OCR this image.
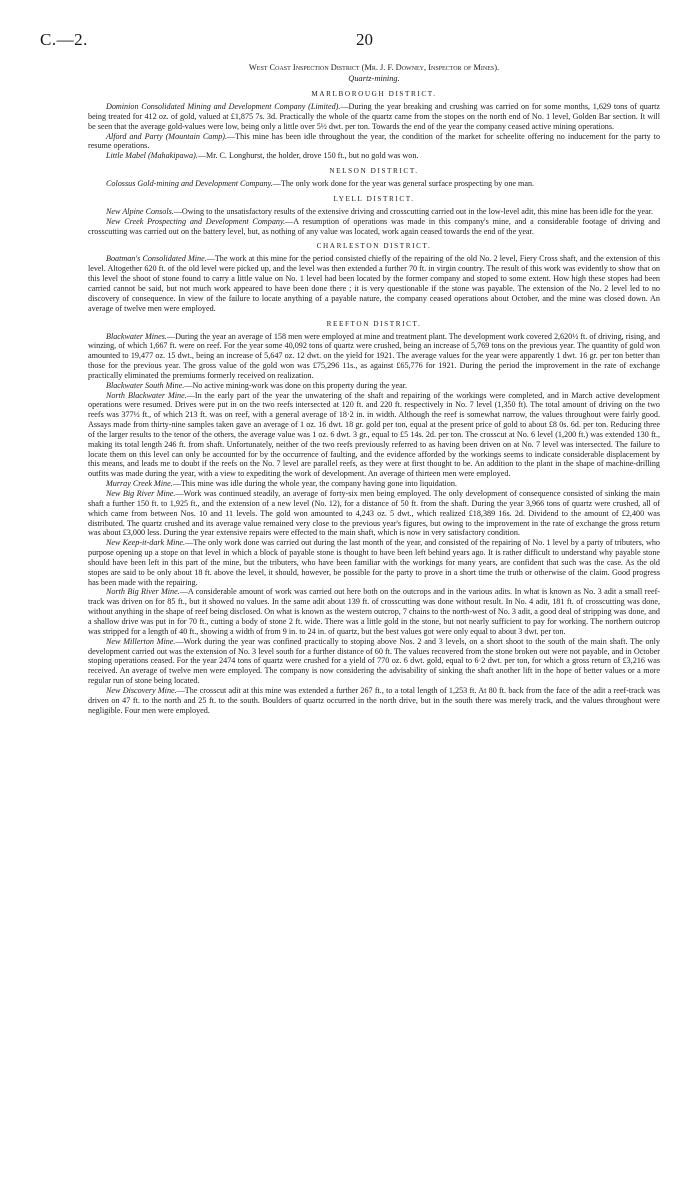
C.—2.	20

West Coast Inspection District (Mr. J. F. Downey, Inspector of Mines).

Quartz-mining.

MARLBOROUGH DISTRICT.

Dominion Consolidated Mining and Development Company (Limited).—During the year breaking and crushing was carried on for some months, 1,629 tons of quartz being treated for 412 oz. of gold, valued at £1,875 7s. 3d. Practically the whole of the quartz came from the stopes on the north end of No. 1 level, Golden Bar section. It will be seen that the average gold-values were low, being only a little over 5½ dwt. per ton. Towards the end of the year the company ceased active mining operations.

Alford and Party (Mountain Camp).—This mine has been idle throughout the year, the condition of the market for scheelite offering no inducement for the party to resume operations.

Little Mabel (Mahakipawa).—Mr. C. Longhurst, the holder, drove 150 ft., but no gold was won.

NELSON DISTRICT.

Colossus Gold-mining and Development Company.—The only work done for the year was general surface prospecting by one man.

LYELL DISTRICT.

New Alpine Consols.—Owing to the unsatisfactory results of the extensive driving and crosscutting carried out in the low-level adit, this mine has been idle for the year.

New Creek Prospecting and Development Company.—A resumption of operations was made in this company's mine, and a considerable footage of driving and crosscutting was carried out on the battery level, but, as nothing of any value was located, work again ceased towards the end of the year.

CHARLESTON DISTRICT.

Boatman's Consolidated Mine.—The work at this mine for the period consisted chiefly of the repairing of the old No. 2 level, Fiery Cross shaft, and the extension of this level. Altogether 620 ft. of the old level were picked up, and the level was then extended a further 70 ft. in virgin country. The result of this work was evidently to show that on this level the shoot of stone found to carry a little value on No. 1 level had been located by the former company and stoped to some extent. How high these stopes had been carried cannot be said, but not much work appeared to have been done there ; it is very questionable if the stone was payable. The extension of the No. 2 level led to no discovery of consequence. In view of the failure to locate anything of a payable nature, the company ceased operations about October, and the mine was closed down. An average of twelve men were employed.

REEFTON DISTRICT.

Blackwater Mines.—During the year an average of 158 men were employed at mine and treatment plant. The development work covered 2,620½ ft. of driving, rising, and winzing, of which 1,667 ft. were on reef. For the year some 40,092 tons of quartz were crushed, being an increase of 5,769 tons on the previous year. The quantity of gold won amounted to 19,477 oz. 15 dwt., being an increase of 5,647 oz. 12 dwt. on the yield for 1921. The average values for the year were apparently 1 dwt. 16 gr. per ton better than those for the previous year. The gross value of the gold won was £75,296 11s., as against £65,776 for 1921. During the period the improvement in the rate of exchange practically eliminated the premiums formerly received on realization.

Blackwater South Mine.—No active mining-work was done on this property during the year.

North Blackwater Mine.—In the early part of the year the unwatering of the shaft and repairing of the workings were completed, and in March active development operations were resumed. Drives were put in on the two reefs intersected at 120 ft. and 220 ft. respectively in No. 7 level (1,350 ft). The total amount of driving on the two reefs was 377½ ft., of which 213 ft. was on reef, with a general average of 18·2 in. in width. Although the reef is somewhat narrow, the values throughout were fairly good. Assays made from thirty-nine samples taken gave an average of 1 oz. 16 dwt. 18 gr. gold per ton, equal at the present price of gold to about £8 0s. 6d. per ton. Reducing three of the larger results to the tenor of the others, the average value was 1 oz. 6 dwt. 3 gr., equal to £5 14s. 2d. per ton. The crosscut at No. 6 level (1,200 ft.) was extended 130 ft., making its total length 246 ft. from shaft. Unfortunately, neither of the two reefs previously referred to as having been driven on at No. 7 level was intersected. The failure to locate them on this level can only be accounted for by the occurrence of faulting, and the evidence afforded by the workings seems to indicate considerable displacement by this means, and leads me to doubt if the reefs on the No. 7 level are parallel reefs, as they were at first thought to be. An addition to the plant in the shape of machine-drilling outfits was made during the year, with a view to expediting the work of development. An average of thirteen men were employed.

Murray Creek Mine.—This mine was idle during the whole year, the company having gone into liquidation.

New Big River Mine.—Work was continued steadily, an average of forty-six men being employed. The only development of consequence consisted of sinking the main shaft a further 150 ft. to 1,925 ft., and the extension of a new level (No. 12), for a distance of 50 ft. from the shaft. During the year 3,966 tons of quartz were crushed, all of which came from between Nos. 10 and 11 levels. The gold won amounted to 4,243 oz. 5 dwt., which realized £18,389 16s. 2d. Dividend to the amount of £2,400 was distributed. The quartz crushed and its average value remained very close to the previous year's figures, but owing to the improvement in the rate of exchange the gross return was about £3,000 less. During the year extensive repairs were effected to the main shaft, which is now in very satisfactory condition.

New Keep-it-dark Mine.—The only work done was carried out during the last month of the year, and consisted of the repairing of No. 1 level by a party of tributers, who purpose opening up a stope on that level in which a block of payable stone is thought to have been left behind years ago. It is rather difficult to understand why payable stone should have been left in this part of the mine, but the tributers, who have been familiar with the workings for many years, are confident that such was the case. As the old stopes are said to be only about 18 ft. above the level, it should, however, be possible for the party to prove in a short time the truth or otherwise of the claim. Good progress has been made with the repairing.

North Big River Mine.—A considerable amount of work was carried out here both on the outcrops and in the various adits. In what is known as No. 3 adit a small reef-track was driven on for 85 ft., but it showed no values. In the same adit about 139 ft. of crosscutting was done without result. In No. 4 adit, 181 ft. of crosscutting was done, without anything in the shape of reef being disclosed. On what is known as the western outcrop, 7 chains to the north-west of No. 3 adit, a good deal of stripping was done, and a shallow drive was put in for 70 ft., cutting a body of stone 2 ft. wide. There was a little gold in the stone, but not nearly sufficient to pay for working. The northern outcrop was stripped for a length of 40 ft., showing a width of from 9 in. to 24 in. of quartz, but the best values got were only equal to about 3 dwt. per ton.

New Millerton Mine.—Work during the year was confined practically to stoping above Nos. 2 and 3 levels, on a short shoot to the south of the main shaft. The only development carried out was the extension of No. 3 level south for a further distance of 60 ft. The values recovered from the stone broken out were not payable, and in October stoping operations ceased. For the year 2474 tons of quartz were crushed for a yield of 770 oz. 6 dwt. gold, equal to 6·2 dwt. per ton, for which a gross return of £3,216 was received. An average of twelve men were employed. The company is now considering the advisability of sinking the shaft another lift in the hope of better values or a more regular run of stone being located.

New Discovery Mine.—The crosscut adit at this mine was extended a further 267 ft., to a total length of 1,253 ft. At 80 ft. back from the face of the adit a reef-track was driven on 47 ft. to the north and 25 ft. to the south. Boulders of quartz occurred in the north drive, but in the south there was merely track, and the values throughout were negligible. Four men were employed.
